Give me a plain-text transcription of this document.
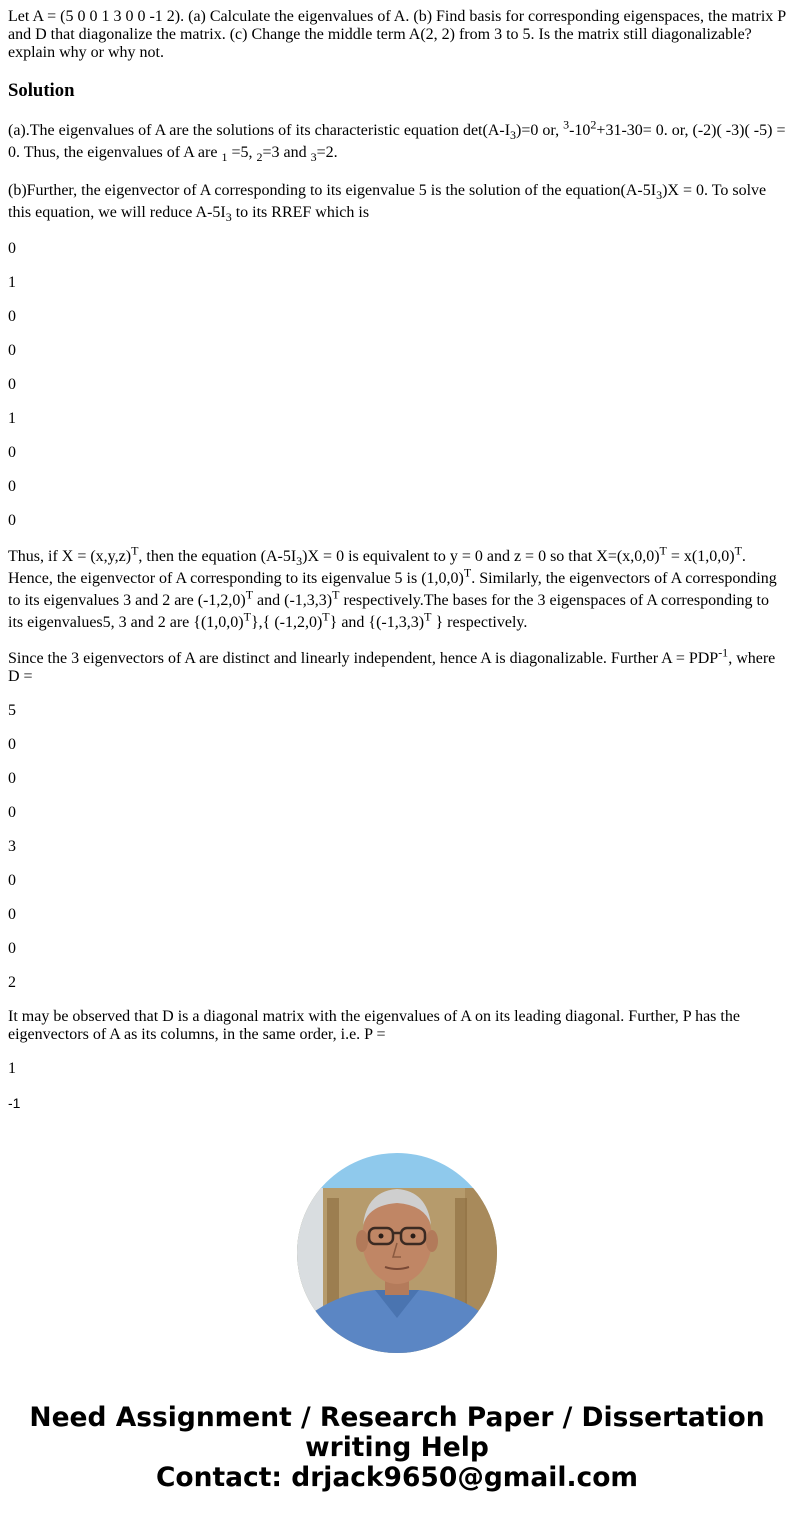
Let A = (5 0 0 1 3 0 0 -1 2). (a) Calculate the eigenvalues of A. (b) Find basis for corresponding eigenspaces, the matrix P and D that diagonalize the matrix. (c) Change the middle term A(2, 2) from 3 to 5. Is the matrix still diagonalizable? explain why or why not.

Solution

(a).The eigenvalues of A are the solutions of its characteristic equation $\det(A-I_3)=0$ or, $^3-10^2+31-30= 0$. or, (-2)( -3)( -5) = 0. Thus, the eigenvalues of A are $_1$ =5, $_2$=3 and $_3$=2.

(b)Further, the eigenvector of A corresponding to its eigenvalue 5 is the solution of the $equation(A-5I_3)X = 0$. To solve this equation, we will reduce $A-5I_3$ to its RREF which is

0

1

0

0

0

1

0

0

0

Thus, if $X = (x,y,z)^T$, then the equation $(A-5I_3)X = 0$ is equivalent to y = 0 and z = 0 so that $X=(x,0,0)^T = x(1,0,0)^T$. Hence, the eigenvector of A corresponding to its eigenvalue 5 is $(1,0,0)^T$. Similarly, the eigenvectors of A corresponding to its eigenvalues 3 and 2 are $(-1,2,0)^T$ and $(-1,3,3)^T$ respectively.The bases for the 3 eigenspaces of A corresponding to its eigenvalues5, 3 and 2 are $\{(1,0,0)^T\}$,{ $(-1,2,0)^T$} and {$(-1,3,3)^T$ } respectively.

Since the 3 eigenvectors of A are distinct and linearly independent, hence A is diagonalizable. Further $A = PDP^{-1}$, where D =

5

0

0

0

3

0

0

0

2

It may be observed that D is a diagonal matrix with the eigenvalues of A on its leading diagonal. Further, P has the eigenvectors of A as its columns, in the same order, i.e. P =

1

-1

Need Assignment / Research Paper / Dissertation
writing Help
Contact: drjack9650@gmail.com
